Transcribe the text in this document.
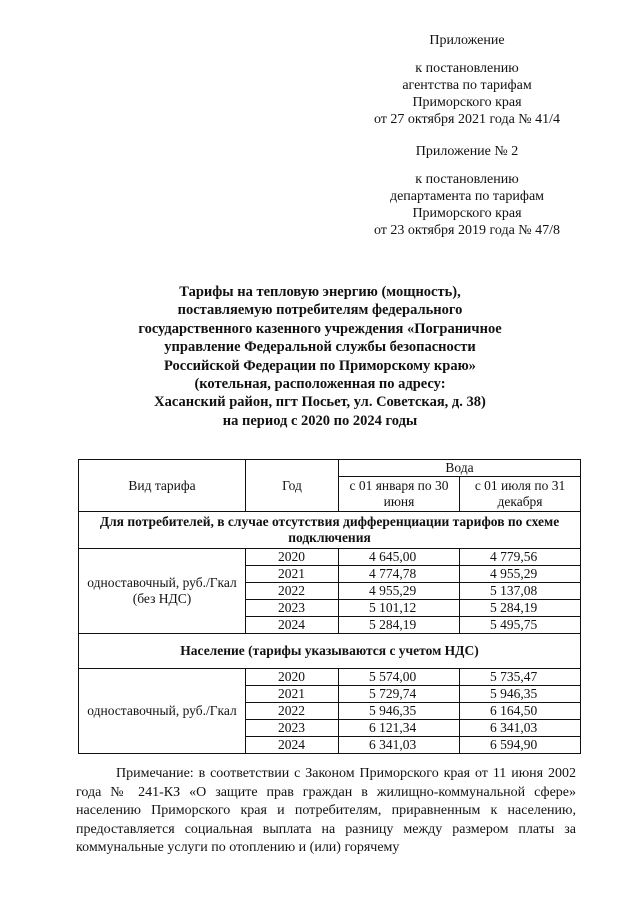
Приложение
к постановлению
агентства по тарифам
Приморского края
от 27 октября 2021 года № 41/4
Приложение № 2
к постановлению
департамента по тарифам
Приморского края
от 23 октября 2019 года № 47/8
Тарифы на тепловую энергию (мощность),
поставляемую потребителям федерального
государственного казенного учреждения «Пограничное
управление Федеральной службы безопасности
Российской Федерации по Приморскому краю»
(котельная, расположенная по адресу:
Хасанский район, пгт Посьет, ул. Советская, д. 38)
на период с 2020 по 2024 годы
Вид тарифа	Год	Вода	
		с 01 января по 30 июня	с 01 июля по 31 декабря
Для потребителей, в случае отсутствия дифференциации тарифов по схеме подключения			
одноставочный, руб./Гкал (без НДС)	2020	4 645,00	4 779,56
	2021	4 774,78	4 955,29
	2022	4 955,29	5 137,08
	2023	5 101,12	5 284,19
	2024	5 284,19	5 495,75
Население (тарифы указываются с учетом НДС)			
одноставочный, руб./Гкал	2020	5 574,00	5 735,47
	2021	5 729,74	5 946,35
	2022	5 946,35	6 164,50
	2023	6 121,34	6 341,03
	2024	6 341,03	6 594,90

Примечание: в соответствии с Законом Приморского края от 11 июня 2002 года № 241-КЗ «О защите прав граждан в жилищно-коммунальной сфере» населению Приморского края и потребителям, приравненным к населению, предоставляется социальная выплата на разницу между размером платы за коммунальные услуги по отоплению и (или) горячему
